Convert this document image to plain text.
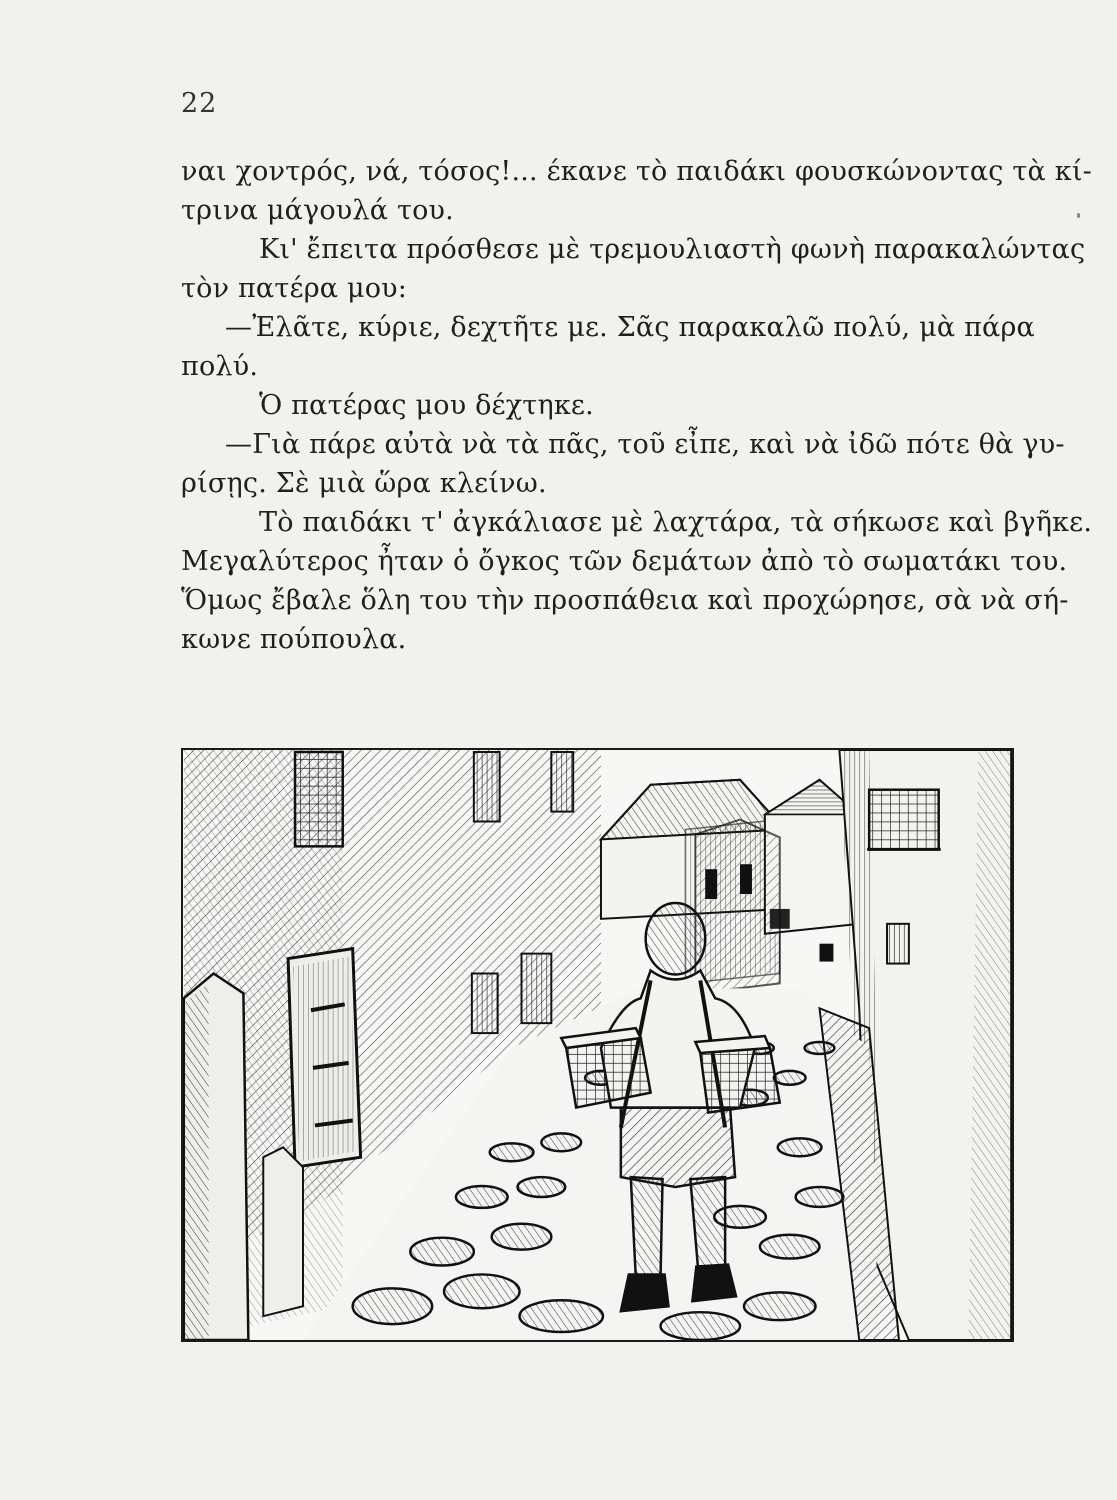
22
ναι χοντρός, νά, τόσος!... έκανε τὸ παιδάκι φουσκώνοντας τὰ κί-
τρινα μάγουλά του.
Κι' ἔπειτα πρόσθεσε μὲ τρεμουλιαστὴ φωνὴ παρακαλώντας
τὸν πατέρα μου:
—Ἐλᾶτε, κύριε, δεχτῆτε με. Σᾶς παρακαλῶ πολύ, μὰ πάρα
πολύ.
Ὁ πατέρας μου δέχτηκε.
—Γιὰ πάρε αὐτὰ νὰ τὰ πᾶς, τοῦ εἶπε, καὶ νὰ ἰδῶ πότε θὰ γυ-
ρίσῃς. Σὲ μιὰ ὥρα κλείνω.
Τὸ παιδάκι τ' ἀγκάλιασε μὲ λαχτάρα, τὰ σήκωσε καὶ βγῆκε.
Μεγαλύτερος ἦταν ὁ ὄγκος τῶν δεμάτων ἀπὸ τὸ σωματάκι του.
Ὅμως ἔβαλε ὅλη του τὴν προσπάθεια καὶ προχώρησε, σὰ νὰ σή-
κωνε πούπουλα.
